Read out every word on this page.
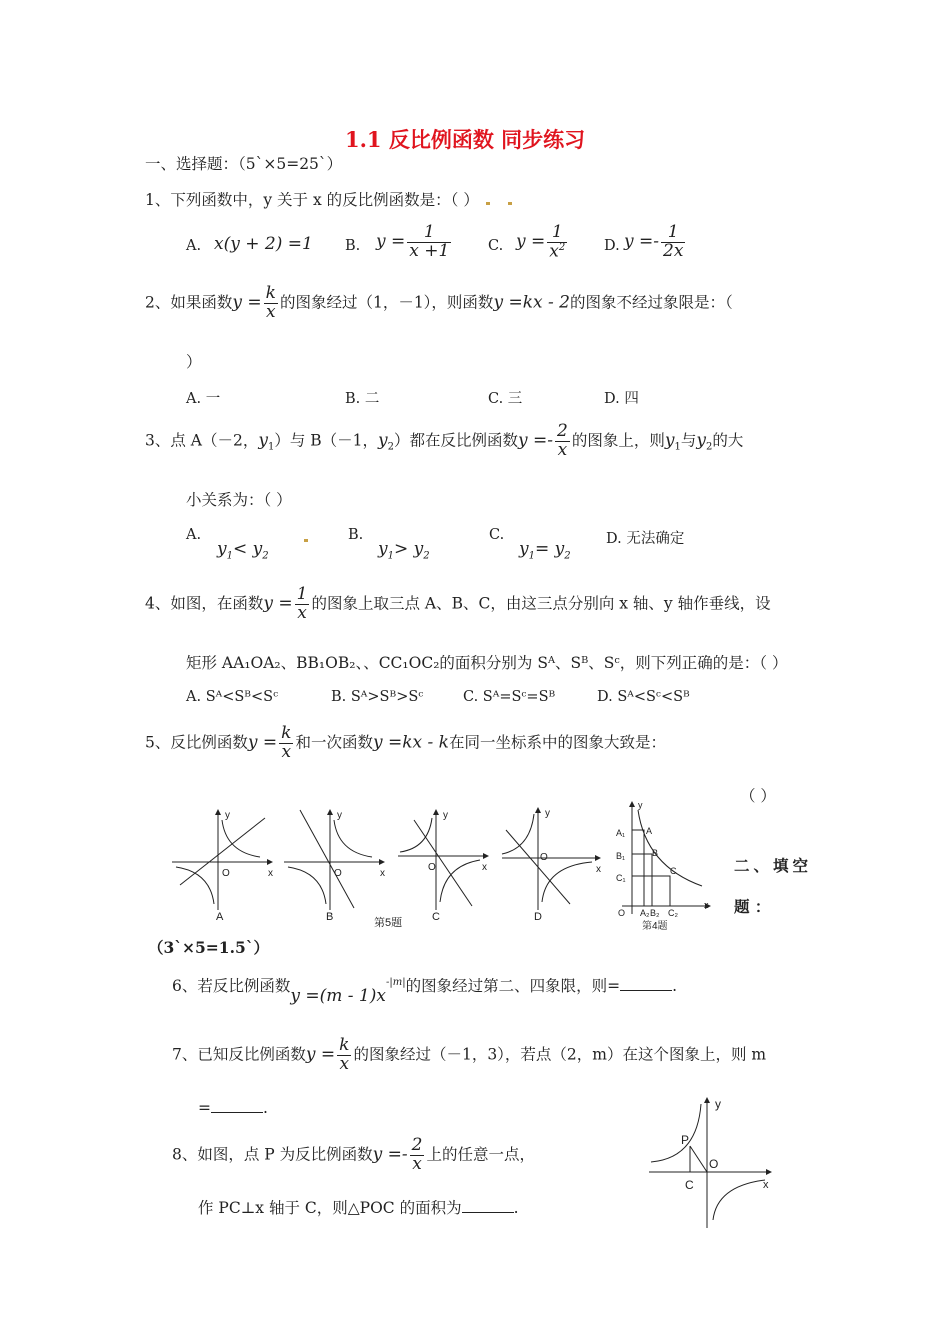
1.1 反比例函数 同步练习
一、选择题：（5`×5=25`）
1、下列函数中，y 关于 x 的反比例函数是：（ ）
A. x(y + 2) =1 B. $y = \frac{1}{x +1}$	C. $y = \frac{1}{x^2}$	D. $y =- \frac{1}{2x}$
2、如果函数$y = \frac{k}{x}$ 的图象经过（1，－1），则函数y =kx - 2的图象不经过象限是：（
）
A. 一	B. 二	C. 三	D. 四
3、点 A（－2，$y_1$）与 B（－1，$y_2$）都在反比例函数$y =- \frac{2}{x}$ 的图象上，则$y_1$与$y_2$的大
小关系为：（ ）
A.
$y_1< y_2$
B.
$y_1> y_2$
C.
$y_1= y_2$
D. 无法确定
4、如图，在函数$y = \frac{1}{x}$ 的图象上取三点 A、B、C，由这三点分别向 x 轴、y 轴作垂线，设
矩形 AA₁OA₂、BB₁OB₂、、CC₁OC₂的面积分别为 Sᴬ、Sᴮ、Sᶜ，则下列正确的是：（ ）
A. Sᴬ<Sᴮ<Sᶜ	B. Sᴬ>Sᴮ>Sᶜ	C. Sᴬ=Sᶜ=Sᴮ	D. Sᴬ<Sᶜ<Sᴮ
5、反比例函数$y = \frac{k}{x}$ 和一次函数y =kx - k在同一坐标系中的图象大致是：
（ ）
y
x
O
A
y
x
O
B
y
x
O
C
y
x
O
D
第5题
y
x
O
A
B
C
A₁
B₁
C₁
A₂ B₂ C₂
第4题
二、填空
题 ：
（3`×5=1.5`）
6、若反比例函数$y =(m - 1)x^{-|m|}$的图象经过第二、四象限，则=	.
7、已知反比例函数$y = \frac{k}{x}$ 的图象经过（－1，3），若点（2，m）在这个图象上，则 m
=	.
8、如图，点 P 为反比例函数$y =- \frac{2}{x}$ 上的任意一点，
作 PC⊥x 轴于 C，则△POC 的面积为	.
y
x
P
O
C
